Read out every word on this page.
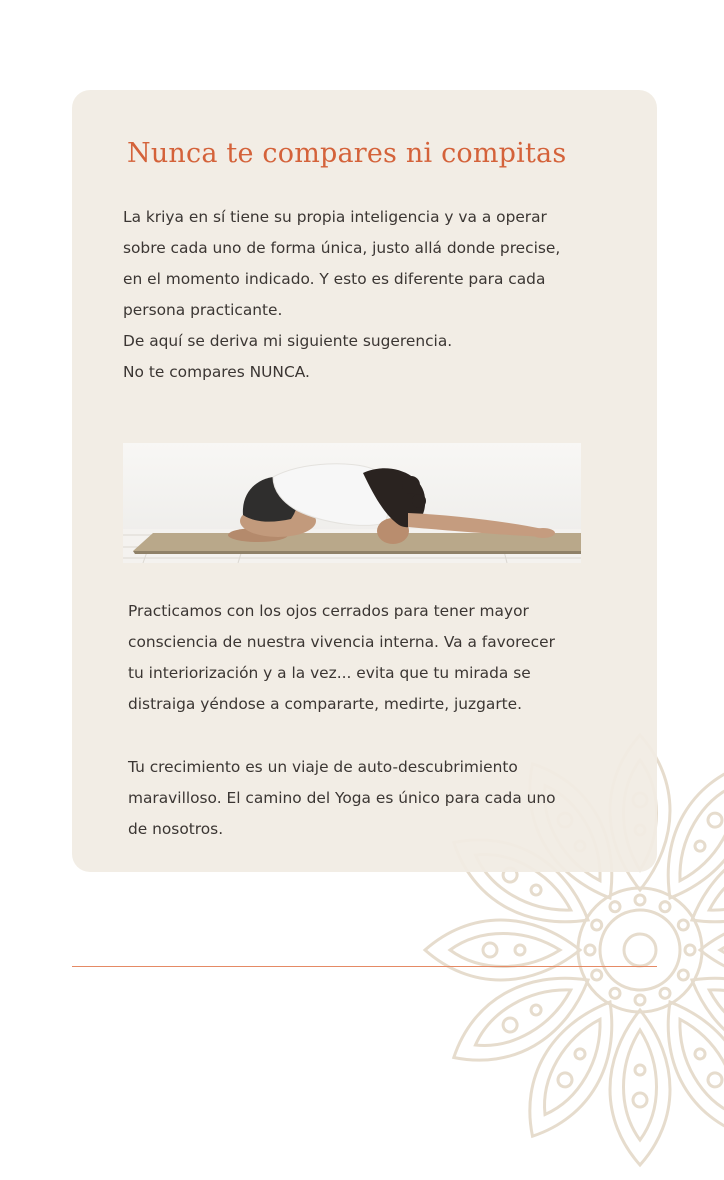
Nunca te compares ni compitas

La kriya en sí tiene su propia inteligencia y va a operar
sobre cada uno de forma única, justo allá donde precise,
en el momento indicado. Y esto es diferente para cada
persona practicante.
De aquí se deriva mi siguiente sugerencia.
No te compares NUNCA.

Practicamos con los ojos cerrados para tener mayor
consciencia de nuestra vivencia interna. Va a favorecer
tu interiorización y a la vez... evita que tu mirada se
distraiga yéndose a compararte, medirte, juzgarte.

Tu crecimiento es un viaje de auto-descubrimiento
maravilloso. El camino del Yoga es único para cada uno
de nosotros.
